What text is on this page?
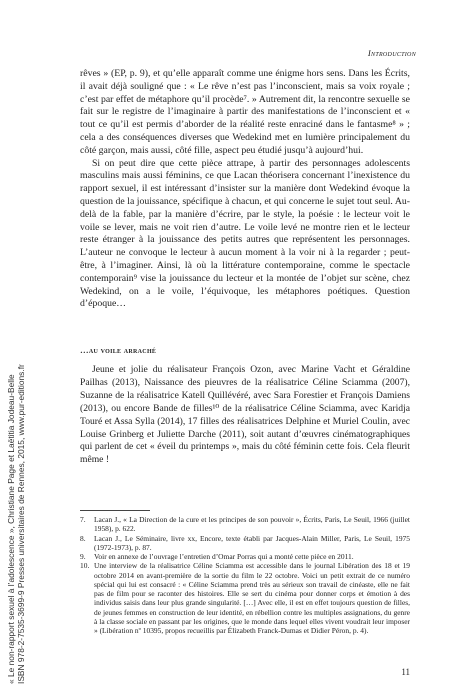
Introduction

rêves » (EP, p. 9), et qu’elle apparaît comme une énigme hors sens. Dans les Écrits, il avait déjà souligné que : « Le rêve n’est pas l’inconscient, mais sa voix royale ; c’est par effet de métaphore qu’il procède⁷. » Autrement dit, la rencontre sexuelle se fait sur le registre de l’imaginaire à partir des manifestations de l’inconscient et « tout ce qu’il est permis d’aborder de la réalité reste enraciné dans le fantasme⁸ » ; cela a des conséquences diverses que Wedekind met en lumière principalement du côté garçon, mais aussi, côté fille, aspect peu étudié jusqu’à aujourd’hui.

Si on peut dire que cette pièce attrape, à partir des personnages adolescents masculins mais aussi féminins, ce que Lacan théorisera concernant l’inexistence du rapport sexuel, il est intéressant d’insister sur la manière dont Wedekind évoque la question de la jouissance, spécifique à chacun, et qui concerne le sujet tout seul. Au-delà de la fable, par la manière d’écrire, par le style, la poésie : le lecteur voit le voile se lever, mais ne voit rien d’autre. Le voile levé ne montre rien et le lecteur reste étranger à la jouissance des petits autres que représentent les personnages. L’auteur ne convoque le lecteur à aucun moment à la voir ni à la regarder ; peut-être, à l’imaginer. Ainsi, là où la littérature contemporaine, comme le spectacle contemporain⁹ vise la jouissance du lecteur et la montée de l’objet sur scène, chez Wedekind, on a le voile, l’équivoque, les métaphores poétiques. Question d’époque…

…au voile arraché

Jeune et jolie du réalisateur François Ozon, avec Marine Vacht et Géraldine Pailhas (2013), Naissance des pieuvres de la réalisatrice Céline Sciamma (2007), Suzanne de la réalisatrice Katell Quillévéré, avec Sara Forestier et François Damiens (2013), ou encore Bande de filles¹⁰ de la réalisatrice Céline Sciamma, avec Karidja Touré et Assa Sylla (2014), 17 filles des réalisatrices Delphine et Muriel Coulin, avec Louise Grinberg et Juliette Darche (2011), soit autant d’œuvres cinématographiques qui parlent de cet « éveil du printemps », mais du côté féminin cette fois. Cela fleurit même !

7.	Lacan J., « La Direction de la cure et les principes de son pouvoir », Écrits, Paris, Le Seuil, 1966 (juillet 1958), p. 622.
8.	Lacan J., Le Séminaire, livre xx, Encore, texte établi par Jacques-Alain Miller, Paris, Le Seuil, 1975 (1972-1973), p. 87.
9.	Voir en annexe de l’ouvrage l’entretien d’Omar Porras qui a monté cette pièce en 2011.
10. Une interview de la réalisatrice Céline Sciamma est accessible dans le journal Libération des 18 et 19 octobre 2014 en avant-première de la sortie du film le 22 octobre. Voici un petit extrait de ce numéro spécial qui lui est consacré : « Céline Sciamma prend très au sérieux son travail de cinéaste, elle ne fait pas de film pour se raconter des histoires. Elle se sert du cinéma pour donner corps et émotion à des individus saisis dans leur plus grande singularité. […] Avec elle, il est en effet toujours question de filles, de jeunes femmes en construction de leur identité, en rébellion contre les multiples assignations, du genre à la classe sociale en passant par les origines, que le monde dans lequel elles vivent voudrait leur imposer » (Libération nº 10395, propos recueillis par Élizabeth Franck-Dumas et Didier Péron, p. 4).
11
« Le non-rapport sexuel à l’adolescence », Christiane Page et Laëtitia Jodeau-Belle ISBN 978-2-7535-3699-9 Presses universitaires de Rennes, 2015, www.pur-editions.fr
